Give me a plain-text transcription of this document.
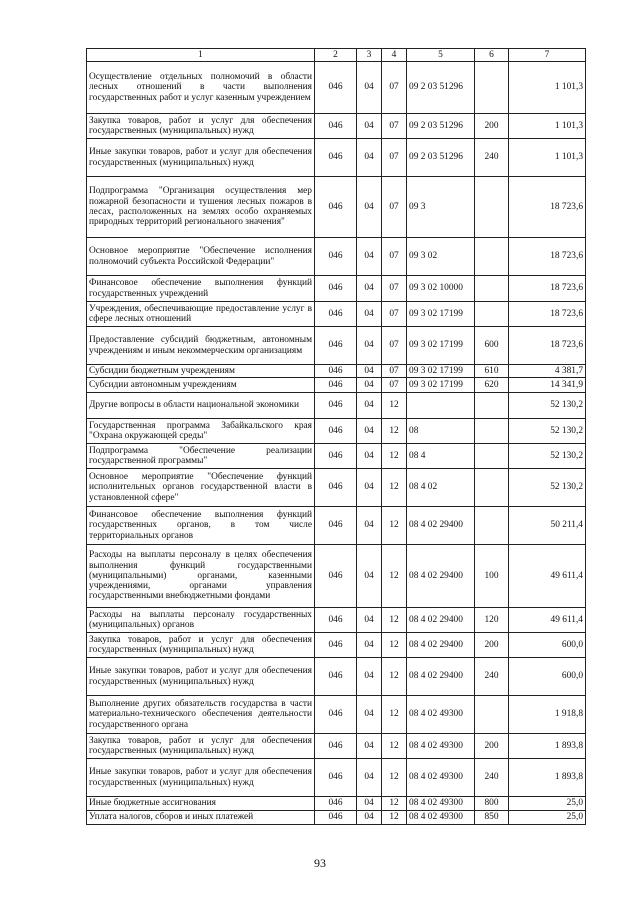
1	2	3	4	5	6	7
Осуществление отдельных полномочий в области лесных отношений в части выполнения государственных работ и услуг казенным учреждением	046	04	07	09 2 03 51296		1 101,3
Закупка товаров, работ и услуг для обеспечения государственных (муниципальных) нужд	046	04	07	09 2 03 51296	200	1 101,3
Иные закупки товаров, работ и услуг для обеспечения государственных (муниципальных) нужд	046	04	07	09 2 03 51296	240	1 101,3
Подпрограмма "Организация осуществления мер пожарной безопасности и тушения лесных пожаров в лесах, расположенных на землях особо охраняемых природных территорий регионального значения"	046	04	07	09 3		18 723,6
Основное мероприятие "Обеспечение исполнения полномочий субъекта Российской Федерации"	046	04	07	09 3 02		18 723,6
Финансовое обеспечение выполнения функций государственных учреждений	046	04	07	09 3 02 10000		18 723,6
Учреждения, обеспечивающие предоставление услуг в сфере лесных отношений	046	04	07	09 3 02 17199		18 723,6
Предоставление субсидий бюджетным, автономным учреждениям и иным некоммерческим организациям	046	04	07	09 3 02 17199	600	18 723,6
Субсидии бюджетным учреждениям	046	04	07	09 3 02 17199	610	4 381,7
Субсидии автономным учреждениям	046	04	07	09 3 02 17199	620	14 341,9
Другие вопросы в области национальной экономики	046	04	12			52 130,2
Государственная программа Забайкальского края "Охрана окружающей среды"	046	04	12	08		52 130,2
Подпрограмма "Обеспечение реализации государственной программы"	046	04	12	08 4		52 130,2
Основное мероприятие "Обеспечение функций исполнительных органов государственной власти в установленной сфере"	046	04	12	08 4 02		52 130,2
Финансовое обеспечение выполнения функций государственных органов, в том числе территориальных органов	046	04	12	08 4 02 29400		50 211,4
Расходы на выплаты персоналу в целях обеспечения выполнения функций государственными (муниципальными) органами, казенными учреждениями, органами управления государственными внебюджетными фондами	046	04	12	08 4 02 29400	100	49 611,4
Расходы на выплаты персоналу государственных (муниципальных) органов	046	04	12	08 4 02 29400	120	49 611,4
Закупка товаров, работ и услуг для обеспечения государственных (муниципальных) нужд	046	04	12	08 4 02 29400	200	600,0
Иные закупки товаров, работ и услуг для обеспечения государственных (муниципальных) нужд	046	04	12	08 4 02 29400	240	600,0
Выполнение других обязательств государства в части материально-технического обеспечения деятельности государственного органа	046	04	12	08 4 02 49300		1 918,8
Закупка товаров, работ и услуг для обеспечения государственных (муниципальных) нужд	046	04	12	08 4 02 49300	200	1 893,8
Иные закупки товаров, работ и услуг для обеспечения государственных (муниципальных) нужд	046	04	12	08 4 02 49300	240	1 893,8
Иные бюджетные ассигнования	046	04	12	08 4 02 49300	800	25,0
Уплата налогов, сборов и иных платежей	046	04	12	08 4 02 49300	850	25,0
93
